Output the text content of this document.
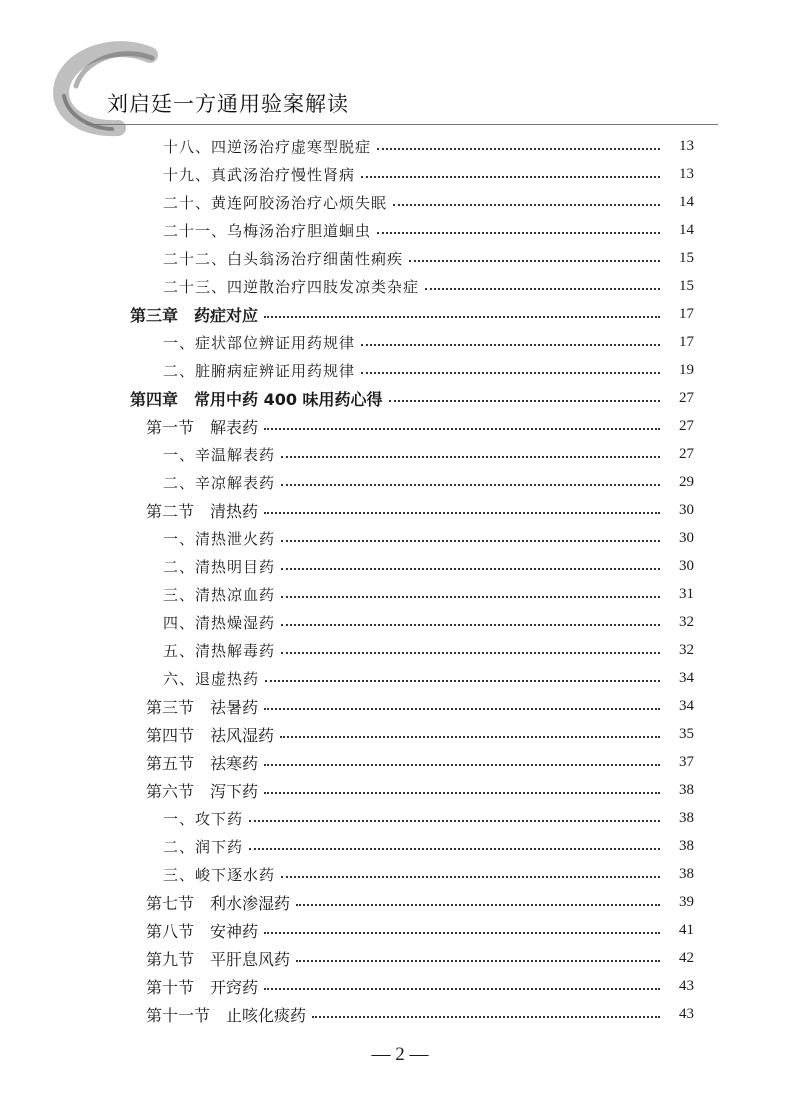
刘启廷一方通用验案解读
十八、四逆汤治疗虚寒型脱症	13
十九、真武汤治疗慢性肾病	13
二十、黄连阿胶汤治疗心烦失眠	14
二十一、乌梅汤治疗胆道蛔虫	14
二十二、白头翁汤治疗细菌性痢疾	15
二十三、四逆散治疗四肢发凉类杂症	15
第三章　药症对应	17
一、症状部位辨证用药规律	17
二、脏腑病症辨证用药规律	19
第四章　常用中药 400 味用药心得	27
第一节　解表药	27
一、辛温解表药	27
二、辛凉解表药	29
第二节　清热药	30
一、清热泄火药	30
二、清热明目药	30
三、清热凉血药	31
四、清热燥湿药	32
五、清热解毒药	32
六、退虚热药	34
第三节　祛暑药	34
第四节　祛风湿药	35
第五节　祛寒药	37
第六节　泻下药	38
一、攻下药	38
二、润下药	38
三、峻下逐水药	38
第七节　利水渗湿药	39
第八节　安神药	41
第九节　平肝息风药	42
第十节　开窍药	43
第十一节　止咳化痰药	43
— 2 —
